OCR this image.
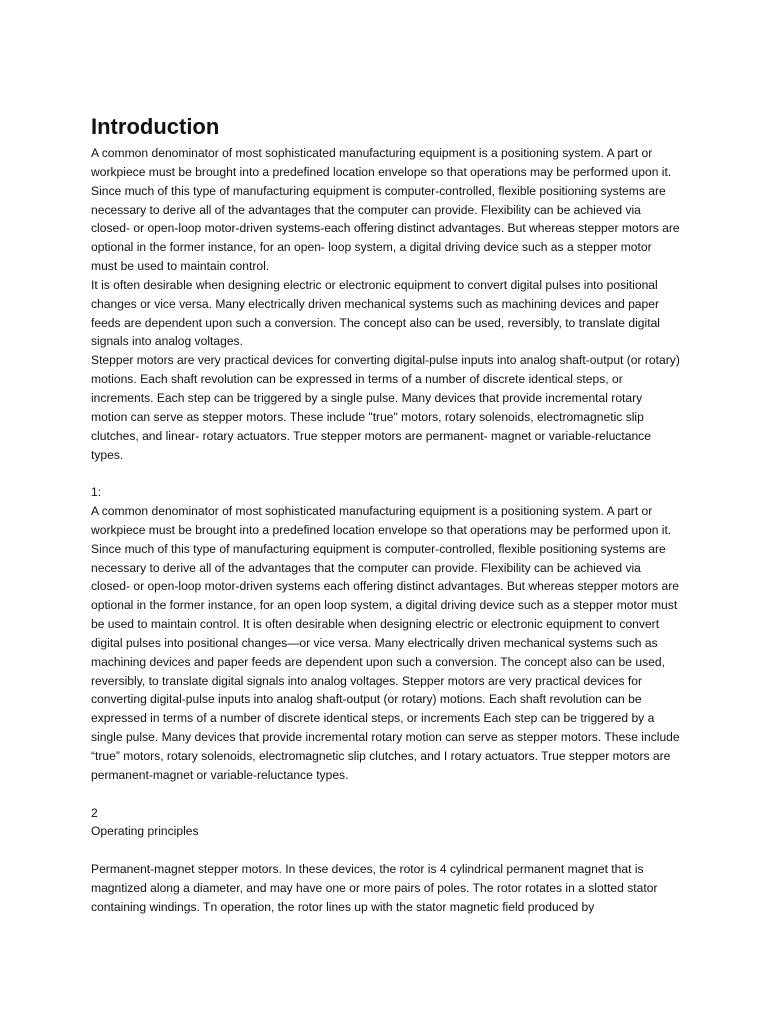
Introduction

A common denominator of most sophisticated manufacturing equipment is a positioning system. A part or workpiece must be brought into a predefined location envelope so that operations may be performed upon it. Since much of this type of manufacturing equipment is computer-controlled, flexible positioning systems are necessary to derive all of the advantages that the computer can provide. Flexibility can be achieved via closed- or open-loop motor-driven systems-each offering distinct advantages. But whereas stepper motors are optional in the former instance, for an open- loop system, a digital driving device such as a stepper motor must be used to maintain control.

It is often desirable when designing electric or electronic equipment to convert digital pulses into positional changes or vice versa. Many electrically driven mechanical systems such as machining devices and paper feeds are dependent upon such a conversion. The concept also can be used, reversibly, to translate digital signals into analog voltages.

Stepper motors are very practical devices for converting digital-pulse inputs into analog shaft-output (or rotary) motions. Each shaft revolution can be expressed in terms of a number of discrete identical steps, or increments. Each step can be triggered by a single pulse. Many devices that provide incremental rotary motion can serve as stepper motors. These include "true" motors, rotary solenoids, electromagnetic slip clutches, and linear- rotary actuators. True stepper motors are permanent- magnet or variable-reluctance types.

1:

A common denominator of most sophisticated manufacturing equipment is a positioning system. A part or workpiece must be brought into a predefined location envelope so that operations may be performed upon it. Since much of this type of manufacturing equipment is computer-controlled, flexible positioning systems are necessary to derive all of the advantages that the computer can provide. Flexibility can be achieved via closed- or open-loop motor-driven systems each offering distinct advantages. But whereas stepper motors are optional in the former instance, for an open loop system, a digital driving device such as a stepper motor must be used to maintain control. It is often desirable when designing electric or electronic equipment to convert digital pulses into positional changes—or vice versa. Many electrically driven mechanical systems such as machining devices and paper feeds are dependent upon such a conversion. The concept also can be used, reversibly, to translate digital signals into analog voltages. Stepper motors are very practical devices for converting digital-pulse inputs into analog shaft-output (or rotary) motions. Each shaft revolution can be expressed in terms of a number of discrete identical steps, or increments Each step can be triggered by a single pulse. Many devices that provide incremental rotary motion can serve as stepper motors. These include “true” motors, rotary solenoids, electromagnetic slip clutches, and I rotary actuators. True stepper motors are permanent-magnet or variable-reluctance types.

2

Operating principles

Permanent-magnet stepper motors. In these devices, the rotor is 4 cylindrical permanent magnet that is magntized along a diameter, and may have one or more pairs of poles. The rotor rotates in a slotted stator containing windings. Tn operation, the rotor lines up with the stator magnetic field produced by
